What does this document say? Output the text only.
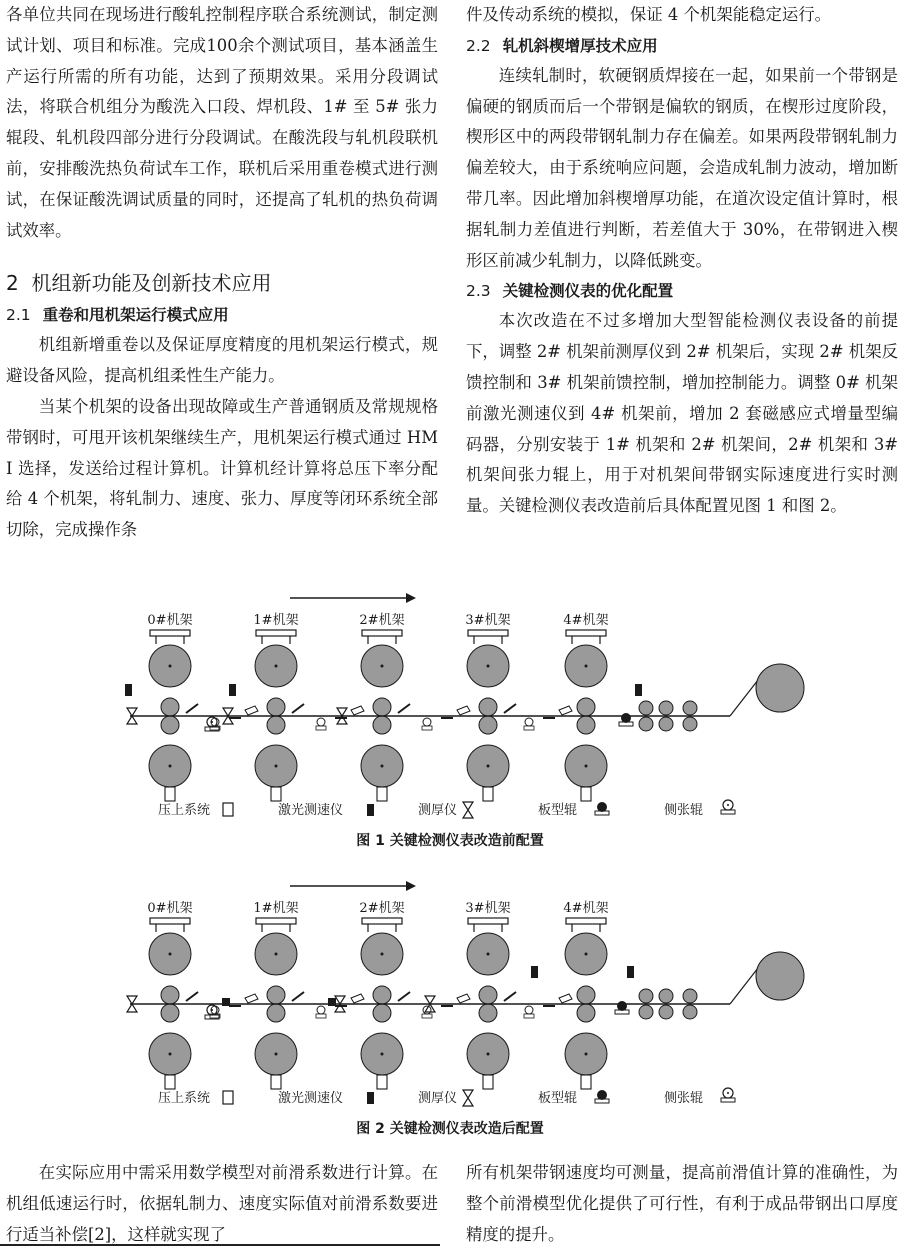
各单位共同在现场进行酸轧控制程序联合系统测试，制定测试计划、项目和标准。完成100余个测试项目，基本涵盖生产运行所需的所有功能，达到了预期效果。采用分段调试法，将联合机组分为酸洗入口段、焊机段、1# 至 5# 张力辊段、轧机段四部分进行分段调试。在酸洗段与轧机段联机前，安排酸洗热负荷试车工作，联机后采用重卷模式进行测试，在保证酸洗调试质量的同时，还提高了轧机的热负荷调试效率。

2 机组新功能及创新技术应用
2.1 重卷和甩机架运行模式应用

机组新增重卷以及保证厚度精度的甩机架运行模式，规避设备风险，提高机组柔性生产能力。

当某个机架的设备出现故障或生产普通钢质及常规规格带钢时，可甩开该机架继续生产，甩机架运行模式通过 HMI 选择，发送给过程计算机。计算机经计算将总压下率分配给 4 个机架，将轧制力、速度、张力、厚度等闭环系统全部切除，完成操作条

件及传动系统的模拟，保证 4 个机架能稳定运行。

2.2 轧机斜楔增厚技术应用

连续轧制时，软硬钢质焊接在一起，如果前一个带钢是偏硬的钢质而后一个带钢是偏软的钢质，在楔形过度阶段，楔形区中的两段带钢轧制力存在偏差。如果两段带钢轧制力偏差较大，由于系统响应问题，会造成轧制力波动，增加断带几率。因此增加斜楔增厚功能，在道次设定值计算时，根据轧制力差值进行判断，若差值大于 30%，在带钢进入楔形区前减少轧制力，以降低跳变。

2.3 关键检测仪表的优化配置

本次改造在不过多增加大型智能检测仪表设备的前提下，调整 2# 机架前测厚仪到 2# 机架后，实现 2# 机架反馈控制和 3# 机架前馈控制，增加控制能力。调整 0# 机架前激光测速仪到 4# 机架前，增加 2 套磁感应式增量型编码器，分别安装于 1# 机架和 2# 机架间，2# 机架和 3# 机架间张力辊上，用于对机架间带钢实际速度进行实时测量。关键检测仪表改造前后具体配置见图 1 和图 2。

0#机架	1#机架	2#机架	3#机架	4#机架
压上系统	激光测速仪	测厚仪	板型辊	侧张辊
图 1 关键检测仪表改造前配置
0#机架	1#机架	2#机架	3#机架	4#机架
压上系统	激光测速仪	测厚仪	板型辊	侧张辊
图 2 关键检测仪表改造后配置

在实际应用中需采用数学模型对前滑系数进行计算。在机组低速运行时，依据轧制力、速度实际值对前滑系数要进行适当补偿[2]，这样就实现了

所有机架带钢速度均可测量，提高前滑值计算的准确性，为整个前滑模型优化提供了可行性，有利于成品带钢出口厚度精度的提升。
